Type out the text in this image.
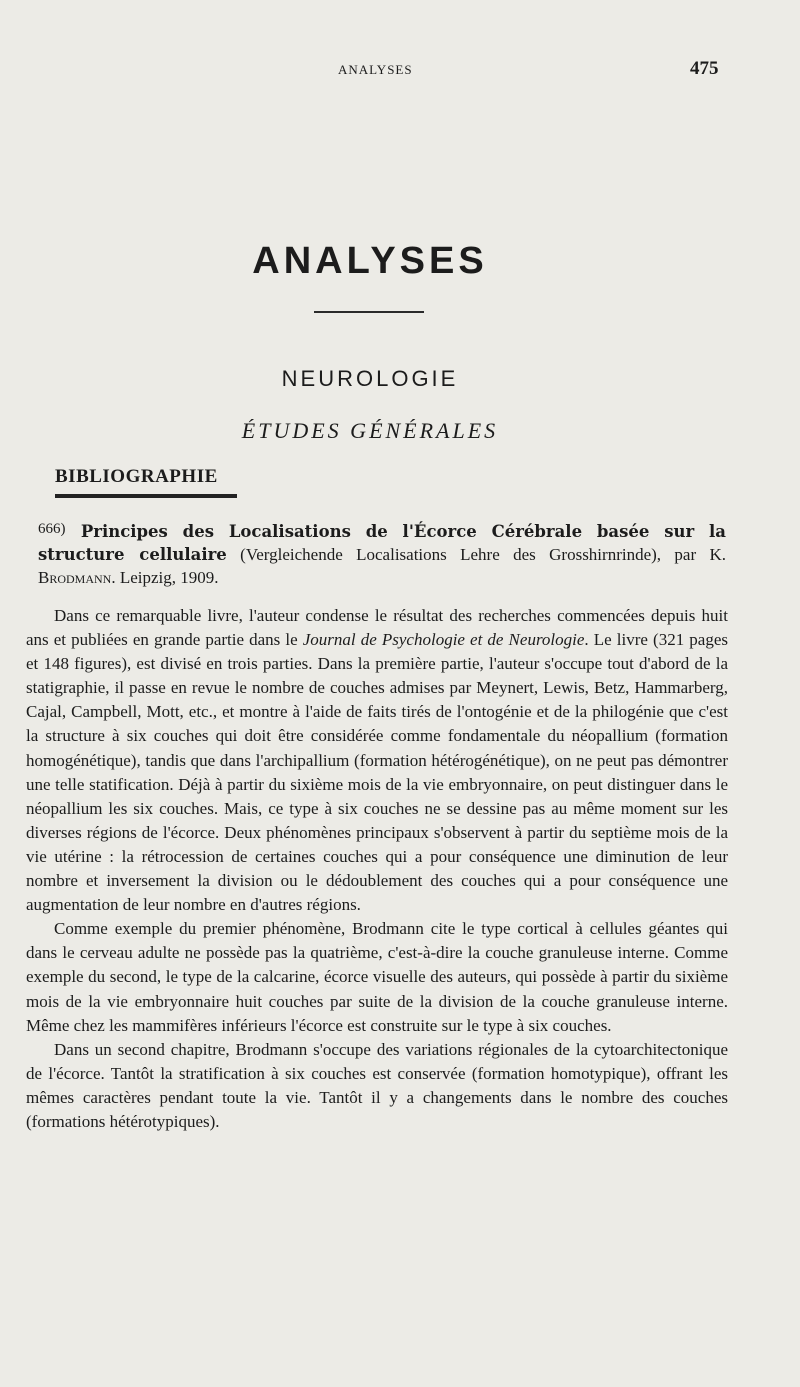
ANALYSES	475
ANALYSES
NEUROLOGIE
ÉTUDES GÉNÉRALES
BIBLIOGRAPHIE
666) Principes des Localisations de l'Écorce Cérébrale basée sur la structure cellulaire (Vergleichende Localisations Lehre des Grosshirnrinde), par K. Brodmann. Leipzig, 1909.

Dans ce remarquable livre, l'auteur condense le résultat des recherches commencées depuis huit ans et publiées en grande partie dans le Journal de Psychologie et de Neurologie. Le livre (321 pages et 148 figures), est divisé en trois parties. Dans la première partie, l'auteur s'occupe tout d'abord de la statigraphie, il passe en revue le nombre de couches admises par Meynert, Lewis, Betz, Hammarberg, Cajal, Campbell, Mott, etc., et montre à l'aide de faits tirés de l'ontogénie et de la philogénie que c'est la structure à six couches qui doit être considérée comme fondamentale du néopallium (formation homogénétique), tandis que dans l'archipallium (formation hétérogénétique), on ne peut pas démontrer une telle statification. Déjà à partir du sixième mois de la vie embryonnaire, on peut distinguer dans le néopallium les six couches. Mais, ce type à six couches ne se dessine pas au même moment sur les diverses régions de l'écorce. Deux phénomènes principaux s'observent à partir du septième mois de la vie utérine : la rétrocession de certaines couches qui a pour conséquence une diminution de leur nombre et inversement la division ou le dédoublement des couches qui a pour conséquence une augmentation de leur nombre en d'autres régions.

Comme exemple du premier phénomène, Brodmann cite le type cortical à cellules géantes qui dans le cerveau adulte ne possède pas la quatrième, c'est-à-dire la couche granuleuse interne. Comme exemple du second, le type de la calcarine, écorce visuelle des auteurs, qui possède à partir du sixième mois de la vie embryonnaire huit couches par suite de la division de la couche granuleuse interne. Même chez les mammifères inférieurs l'écorce est construite sur le type à six couches.

Dans un second chapitre, Brodmann s'occupe des variations régionales de la cytoarchitectonique de l'écorce. Tantôt la stratification à six couches est conservée (formation homotypique), offrant les mêmes caractères pendant toute la vie. Tantôt il y a changements dans le nombre des couches (formations hétérotypiques).
